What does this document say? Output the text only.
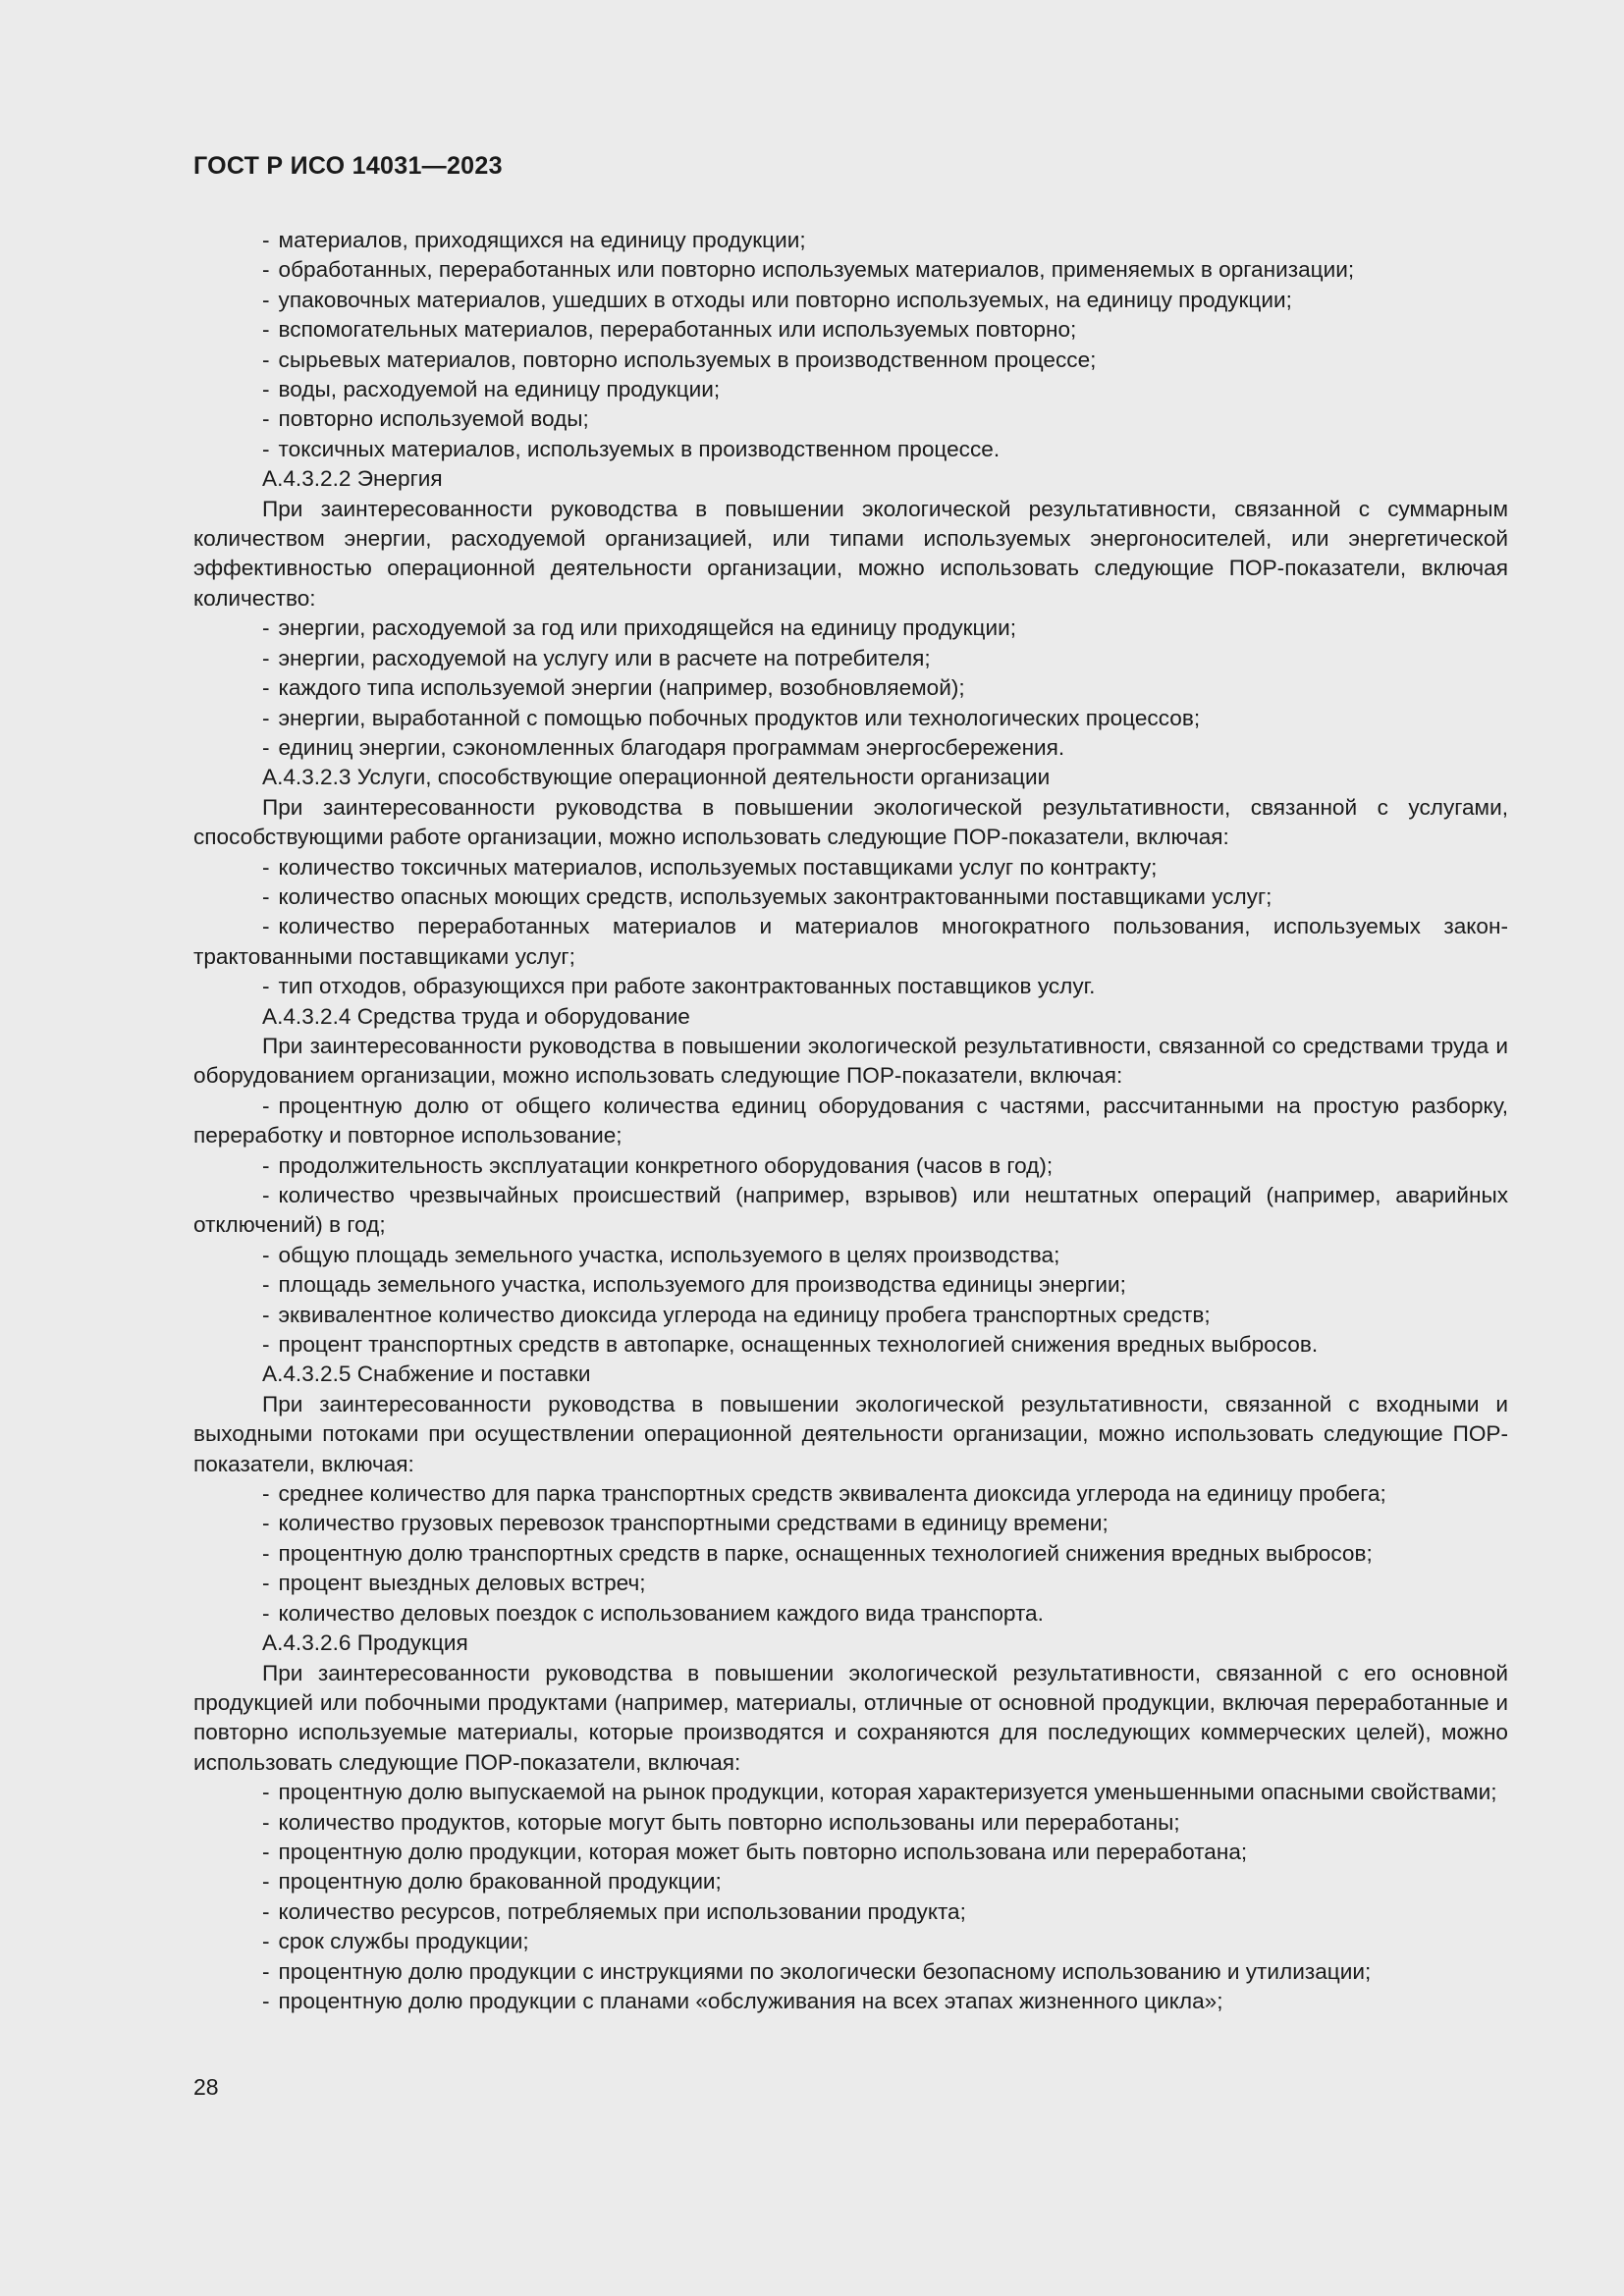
ГОСТ Р ИСО 14031—2023
- материалов, приходящихся на единицу продукции;
- обработанных, переработанных или повторно используемых материалов, применяемых в организации;
- упаковочных материалов, ушедших в отходы или повторно используемых, на единицу продукции;
- вспомогательных материалов, переработанных или используемых повторно;
- сырьевых материалов, повторно используемых в производственном процессе;
- воды, расходуемой на единицу продукции;
- повторно используемой воды;
- токсичных материалов, используемых в производственном процессе.
А.4.3.2.2 Энергия
При заинтересованности руководства в повышении экологической результативности, связанной с суммарным количеством энергии, расходуемой организацией, или типами используемых энергоносителей, или энергетической эффективностью операционной деятельности организации, можно использовать следующие ПОР-показатели, включая количество:
- энергии, расходуемой за год или приходящейся на единицу продукции;
- энергии, расходуемой на услугу или в расчете на потребителя;
- каждого типа используемой энергии (например, возобновляемой);
- энергии, выработанной с помощью побочных продуктов или технологических процессов;
- единиц энергии, сэкономленных благодаря программам энергосбережения.
А.4.3.2.3 Услуги, способствующие операционной деятельности организации
При заинтересованности руководства в повышении экологической результативности, связанной с услугами, способствующими работе организации, можно использовать следующие ПОР-показатели, включая:
- количество токсичных материалов, используемых поставщиками услуг по контракту;
- количество опасных моющих средств, используемых законтрактованными поставщиками услуг;
- количество переработанных материалов и материалов многократного пользования, используемых законтрактованными поставщиками услуг;
- тип отходов, образующихся при работе законтрактованных поставщиков услуг.
А.4.3.2.4 Средства труда и оборудование
При заинтересованности руководства в повышении экологической результативности, связанной со средствами труда и оборудованием организации, можно использовать следующие ПОР-показатели, включая:
- процентную долю от общего количества единиц оборудования с частями, рассчитанными на простую разборку, переработку и повторное использование;
- продолжительность эксплуатации конкретного оборудования (часов в год);
- количество чрезвычайных происшествий (например, взрывов) или нештатных операций (например, аварийных отключений) в год;
- общую площадь земельного участка, используемого в целях производства;
- площадь земельного участка, используемого для производства единицы энергии;
- эквивалентное количество диоксида углерода на единицу пробега транспортных средств;
- процент транспортных средств в автопарке, оснащенных технологией снижения вредных выбросов.
А.4.3.2.5 Снабжение и поставки
При заинтересованности руководства в повышении экологической результативности, связанной с входными и выходными потоками при осуществлении операционной деятельности организации, можно использовать следующие ПОР-показатели, включая:
- среднее количество для парка транспортных средств эквивалента диоксида углерода на единицу пробега;
- количество грузовых перевозок транспортными средствами в единицу времени;
- процентную долю транспортных средств в парке, оснащенных технологией снижения вредных выбросов;
- процент выездных деловых встреч;
- количество деловых поездок с использованием каждого вида транспорта.
А.4.3.2.6 Продукция
При заинтересованности руководства в повышении экологической результативности, связанной с его основной продукцией или побочными продуктами (например, материалы, отличные от основной продукции, включая переработанные и повторно используемые материалы, которые производятся и сохраняются для последующих коммерческих целей), можно использовать следующие ПОР-показатели, включая:
- процентную долю выпускаемой на рынок продукции, которая характеризуется уменьшенными опасными свойствами;
- количество продуктов, которые могут быть повторно использованы или переработаны;
- процентную долю продукции, которая может быть повторно использована или переработана;
- процентную долю бракованной продукции;
- количество ресурсов, потребляемых при использовании продукта;
- срок службы продукции;
- процентную долю продукции с инструкциями по экологически безопасному использованию и утилизации;
- процентную долю продукции с планами «обслуживания на всех этапах жизненного цикла»;
28
